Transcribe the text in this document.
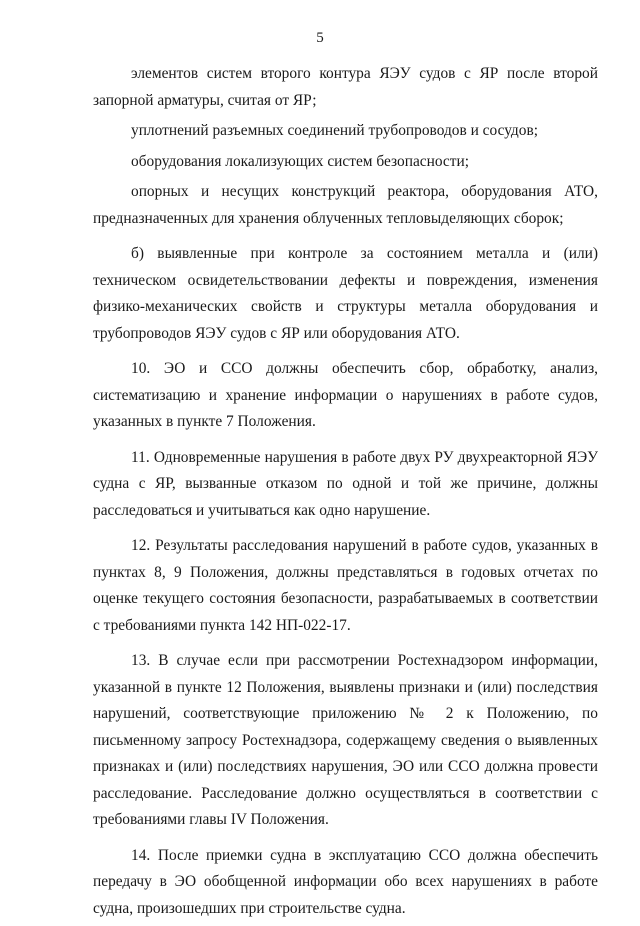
5

элементов систем второго контура ЯЭУ судов с ЯР после второй запорной арматуры, считая от ЯР;

уплотнений разъемных соединений трубопроводов и сосудов;

оборудования локализующих систем безопасности;

опорных и несущих конструкций реактора, оборудования АТО, предназначенных для хранения облученных тепловыделяющих сборок;

б) выявленные при контроле за состоянием металла и (или) техническом освидетельствовании дефекты и повреждения, изменения физико-механических свойств и структуры металла оборудования и трубопроводов ЯЭУ судов с ЯР или оборудования АТО.

10. ЭО и ССО должны обеспечить сбор, обработку, анализ, систематизацию и хранение информации о нарушениях в работе судов, указанных в пункте 7 Положения.

11. Одновременные нарушения в работе двух РУ двухреакторной ЯЭУ судна с ЯР, вызванные отказом по одной и той же причине, должны расследоваться и учитываться как одно нарушение.

12. Результаты расследования нарушений в работе судов, указанных в пунктах 8, 9 Положения, должны представляться в годовых отчетах по оценке текущего состояния безопасности, разрабатываемых в соответствии с требованиями пункта 142 НП-022-17.

13. В случае если при рассмотрении Ростехнадзором информации, указанной в пункте 12 Положения, выявлены признаки и (или) последствия нарушений, соответствующие приложению № 2 к Положению, по письменному запросу Ростехнадзора, содержащему сведения о выявленных признаках и (или) последствиях нарушения, ЭО или ССО должна провести расследование. Расследование должно осуществляться в соответствии с требованиями главы IV Положения.

14. После приемки судна в эксплуатацию ССО должна обеспечить передачу в ЭО обобщенной информации обо всех нарушениях в работе судна, произошедших при строительстве судна.
